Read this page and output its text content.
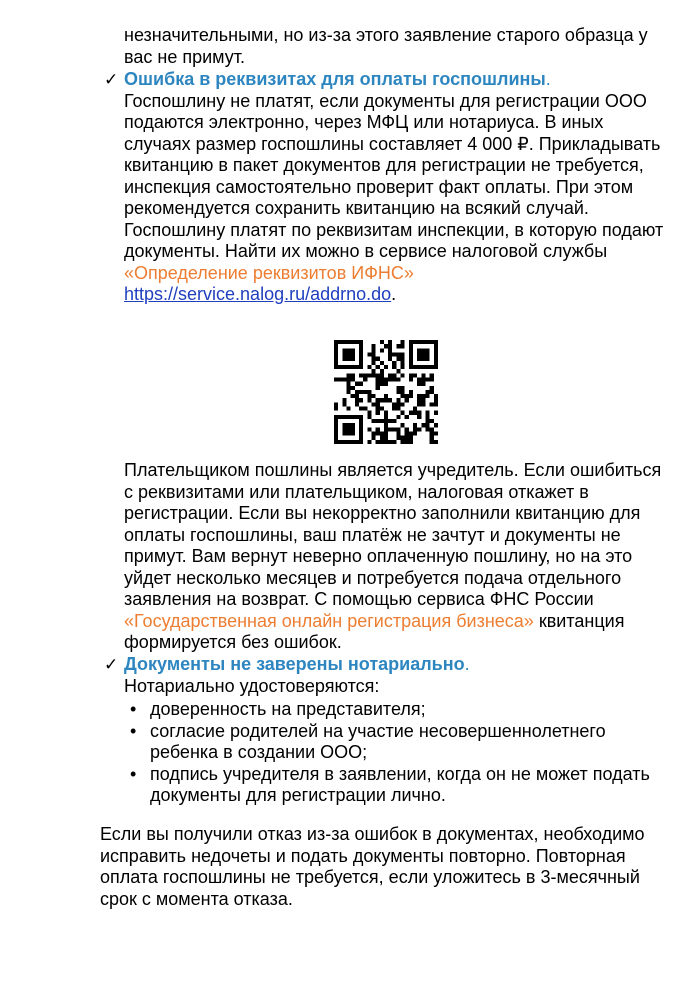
незначительными, но из-за этого заявление старого образца у вас не примут.

✓ Ошибка в реквизитах для оплаты госпошлины.
Госпошлину не платят, если документы для регистрации ООО подаются электронно, через МФЦ или нотариуса. В иных случаях размер госпошлины составляет 4 000 ₽. Прикладывать квитанцию в пакет документов для регистрации не требуется, инспекция самостоятельно проверит факт оплаты. При этом рекомендуется сохранить квитанцию на всякий случай. Госпошлину платят по реквизитам инспекции, в которую подают документы. Найти их можно в сервисе налоговой службы
«Определение реквизитов ИФНС»
https://service.nalog.ru/addrno.do.

Плательщиком пошлины является учредитель. Если ошибиться с реквизитами или плательщиком, налоговая откажет в регистрации. Если вы некорректно заполнили квитанцию для оплаты госпошлины, ваш платёж не зачтут и документы не примут. Вам вернут неверно оплаченную пошлину, но на это уйдет несколько месяцев и потребуется подача отдельного заявления на возврат. С помощью сервиса ФНС России «Государственная онлайн регистрация бизнеса» квитанция формируется без ошибок.

✓ Документы не заверены нотариально.
Нотариально удостоверяются:

• доверенность на представителя;
• согласие родителей на участие несовершеннолетнего ребенка в создании ООО;
• подпись учредителя в заявлении, когда он не может подать документы для регистрации лично.

Если вы получили отказ из-за ошибок в документах, необходимо исправить недочеты и подать документы повторно. Повторная оплата госпошлины не требуется, если уложитесь в 3-месячный срок с момента отказа.
